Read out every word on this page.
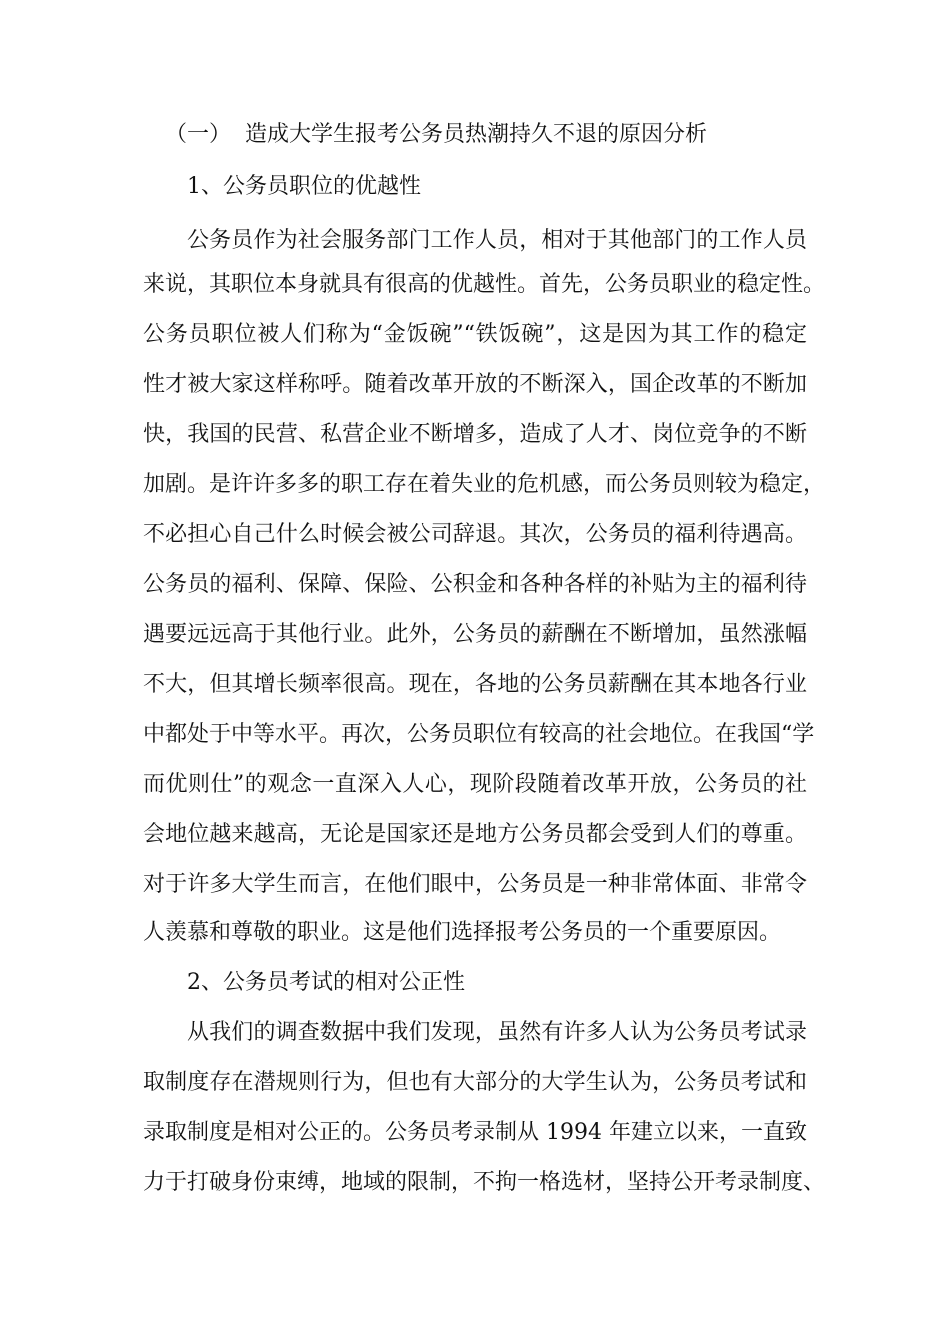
（一） 造成大学生报考公务员热潮持久不退的原因分析
1、公务员职位的优越性
公务员作为社会服务部门工作人员，相对于其他部门的工作人员
来说，其职位本身就具有很高的优越性。首先，公务员职业的稳定性。
公务员职位被人们称为“金饭碗”“铁饭碗”，这是因为其工作的稳定
性才被大家这样称呼。随着改革开放的不断深入，国企改革的不断加
快，我国的民营、私营企业不断增多，造成了人才、岗位竞争的不断
加剧。是许许多多的职工存在着失业的危机感，而公务员则较为稳定，
不必担心自己什么时候会被公司辞退。其次，公务员的福利待遇高。
公务员的福利、保障、保险、公积金和各种各样的补贴为主的福利待
遇要远远高于其他行业。此外，公务员的薪酬在不断增加，虽然涨幅
不大，但其增长频率很高。现在，各地的公务员薪酬在其本地各行业
中都处于中等水平。再次，公务员职位有较高的社会地位。在我国“学
而优则仕”的观念一直深入人心，现阶段随着改革开放，公务员的社
会地位越来越高，无论是国家还是地方公务员都会受到人们的尊重。
对于许多大学生而言，在他们眼中，公务员是一种非常体面、非常令
人羡慕和尊敬的职业。这是他们选择报考公务员的一个重要原因。
2、公务员考试的相对公正性
从我们的调查数据中我们发现，虽然有许多人认为公务员考试录
取制度存在潜规则行为，但也有大部分的大学生认为，公务员考试和
录取制度是相对公正的。公务员考录制从 1994 年建立以来，一直致
力于打破身份束缚，地域的限制，不拘一格选材，坚持公开考录制度、
